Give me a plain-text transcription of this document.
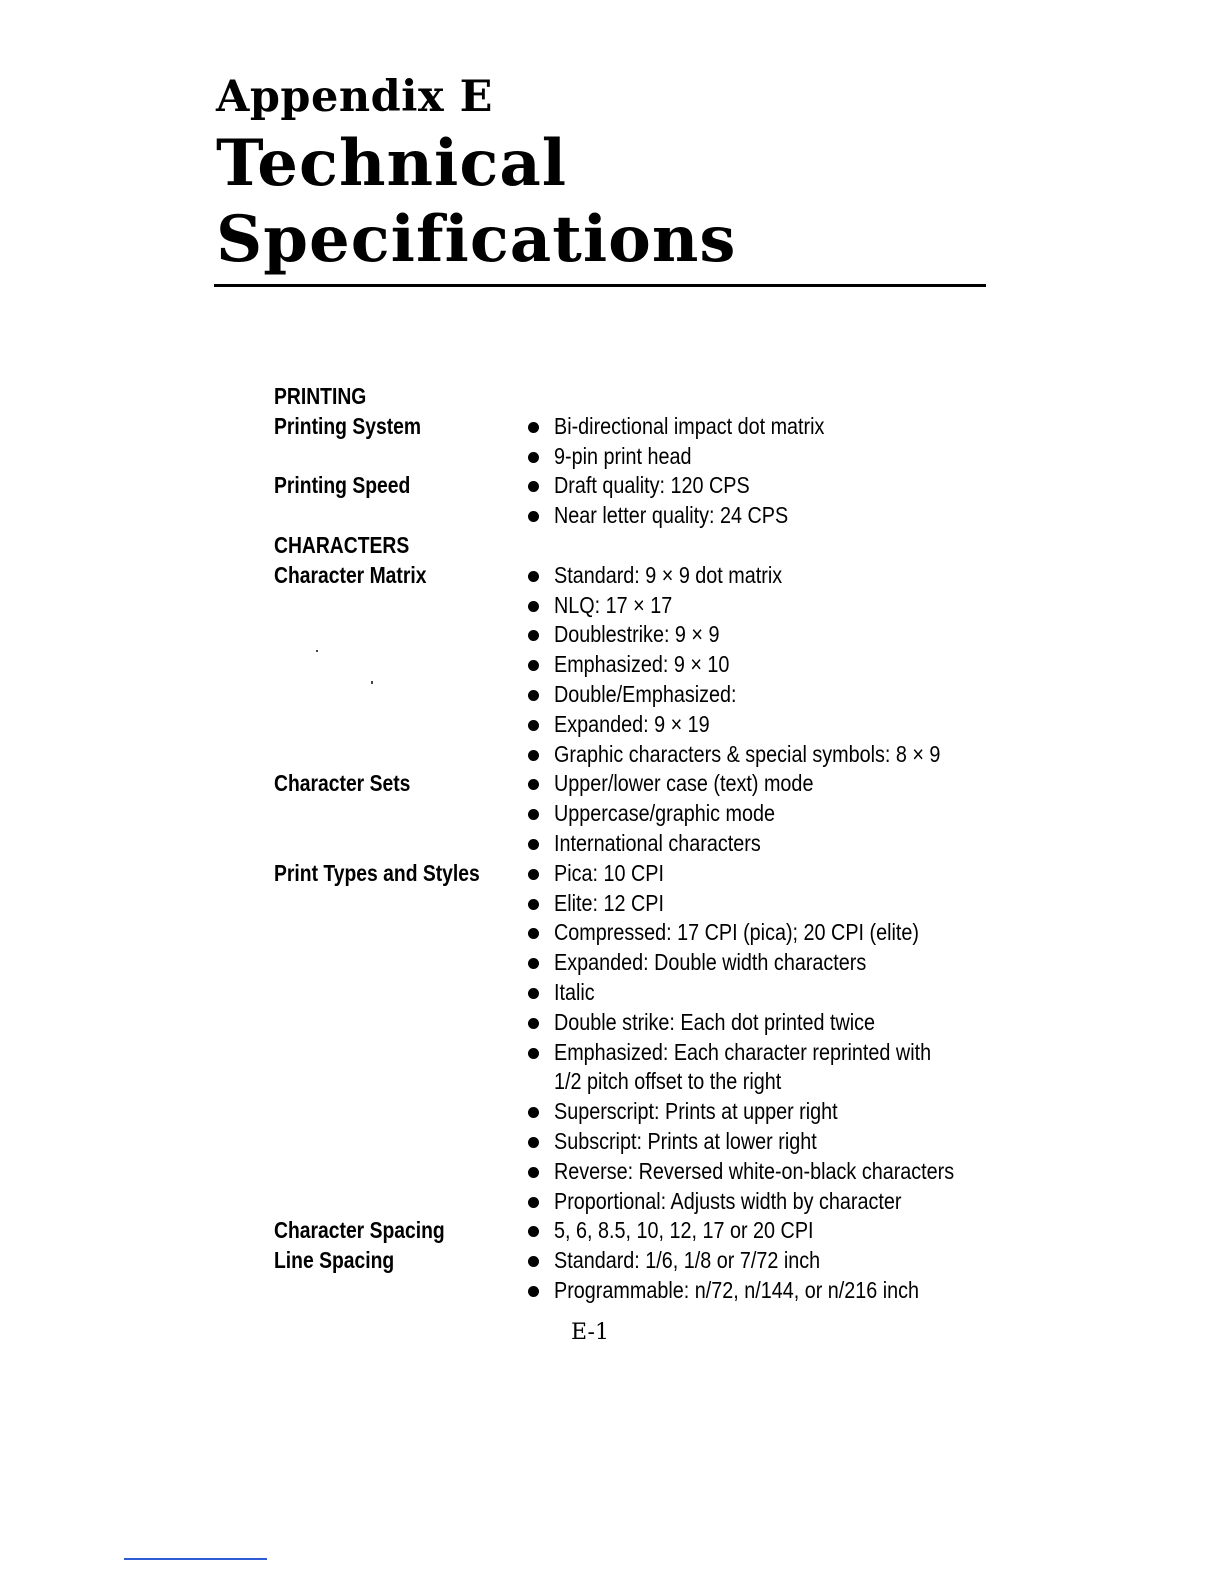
Appendix E
Technical
Specifications
PRINTING
Printing System	Bi-directional impact dot matrix
9-pin print head
Printing Speed	Draft quality: 120 CPS
Near letter quality: 24 CPS
CHARACTERS
Character Matrix	Standard: 9 × 9 dot matrix
NLQ: 17 × 17
Doublestrike: 9 × 9
Emphasized: 9 × 10
Double/Emphasized:
Expanded: 9 × 19
Graphic characters & special symbols: 8 × 9
Character Sets	Upper/lower case (text) mode
Uppercase/graphic mode
International characters
Print Types and Styles	Pica: 10 CPI
Elite: 12 CPI
Compressed: 17 CPI (pica); 20 CPI (elite)
Expanded: Double width characters
Italic
Double strike: Each dot printed twice
Emphasized: Each character reprinted with
1/2 pitch offset to the right
Superscript: Prints at upper right
Subscript: Prints at lower right
Reverse: Reversed white-on-black characters
Proportional: Adjusts width by character
Character Spacing	5, 6, 8.5, 10, 12, 17 or 20 CPI
Line Spacing	Standard: 1/6, 1/8 or 7/72 inch
Programmable: n/72, n/144, or n/216 inch
E-1
